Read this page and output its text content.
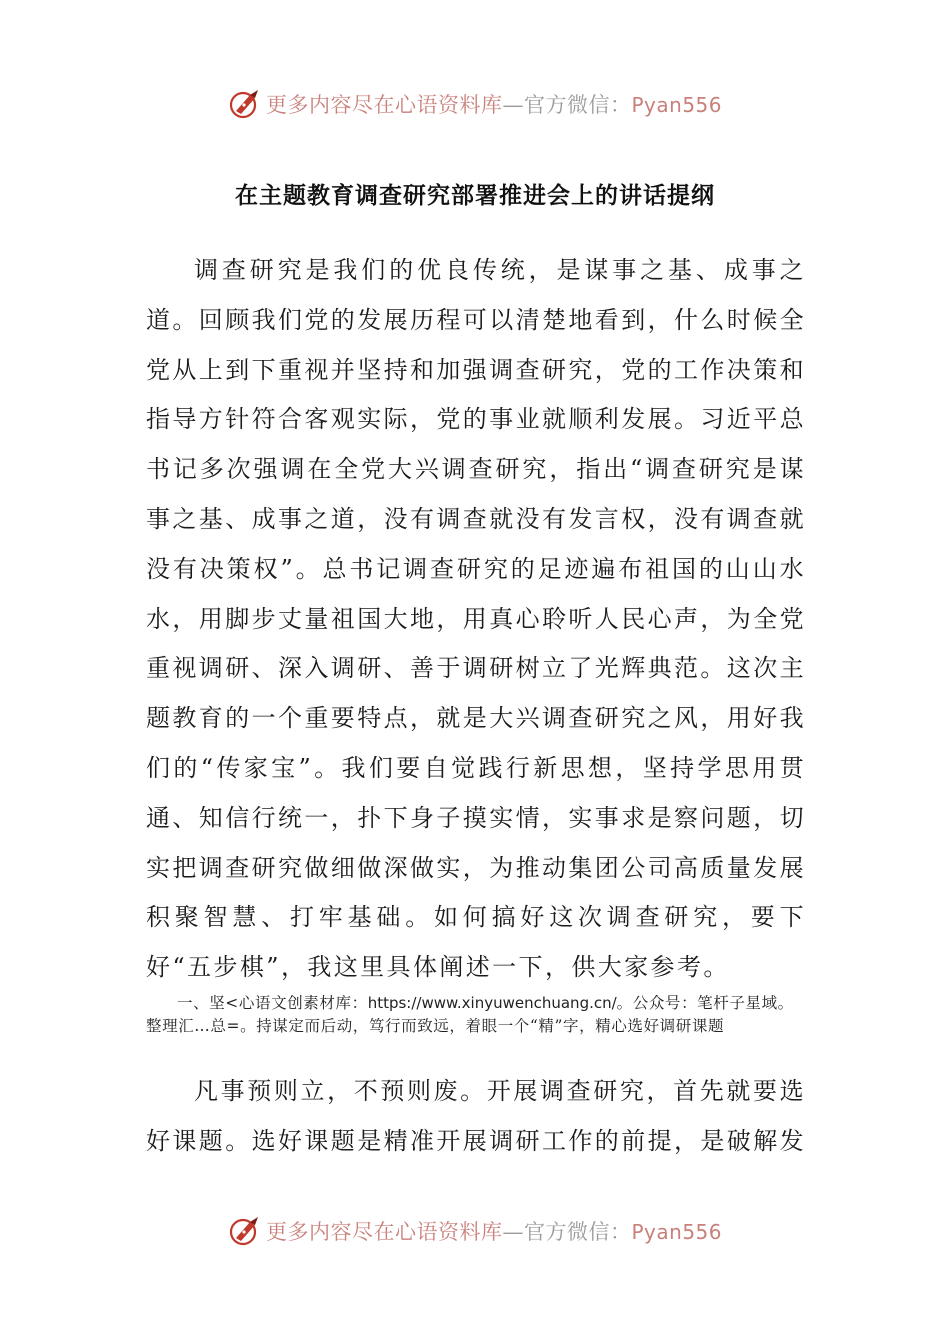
更多内容尽在心语资料库—官方微信：Pyan556
在主题教育调查研究部署推进会上的讲话提纲

调查研究是我们的优良传统，是谋事之基、成事之道。回顾我们党的发展历程可以清楚地看到，什么时候全党从上到下重视并坚持和加强调查研究，党的工作决策和指导方针符合客观实际，党的事业就顺利发展。习近平总书记多次强调在全党大兴调查研究，指出“调查研究是谋事之基、成事之道，没有调查就没有发言权，没有调查就没有决策权”。总书记调查研究的足迹遍布祖国的山山水水，用脚步丈量祖国大地，用真心聆听人民心声，为全党重视调研、深入调研、善于调研树立了光辉典范。这次主题教育的一个重要特点，就是大兴调查研究之风，用好我们的“传家宝”。我们要自觉践行新思想，坚持学思用贯通、知信行统一，扑下身子摸实情，实事求是察问题，切实把调查研究做细做深做实，为推动集团公司高质量发展积聚智慧、打牢基础。如何搞好这次调查研究，要下好“五步棋”，我这里具体阐述一下，供大家参考。

一、坚<心语文创素材库：https://www.xinyuwenchuang.cn/。公众号：笔杆子星域。整理汇…总=。持谋定而后动，笃行而致远，着眼一个“精”字，精心选好调研课题

凡事预则立，不预则废。开展调查研究，首先就要选好课题。选好课题是精准开展调研工作的前提，是破解发

更多内容尽在心语资料库—官方微信：Pyan556
